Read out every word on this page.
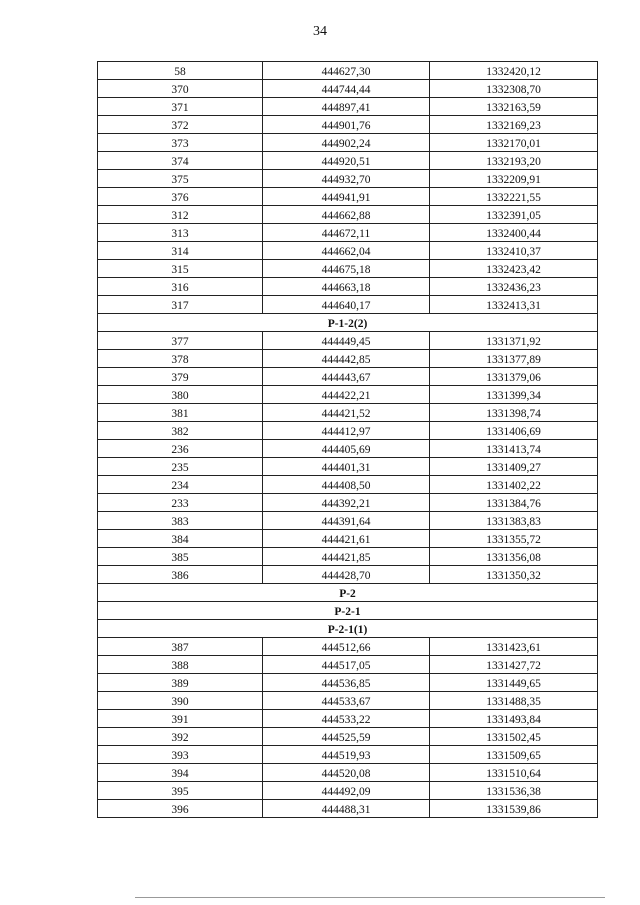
34
58	444627,30	1332420,12
370	444744,44	1332308,70
371	444897,41	1332163,59
372	444901,76	1332169,23
373	444902,24	1332170,01
374	444920,51	1332193,20
375	444932,70	1332209,91
376	444941,91	1332221,55
312	444662,88	1332391,05
313	444672,11	1332400,44
314	444662,04	1332410,37
315	444675,18	1332423,42
316	444663,18	1332436,23
317	444640,17	1332413,31
Р-1-2(2)		
377	444449,45	1331371,92
378	444442,85	1331377,89
379	444443,67	1331379,06
380	444422,21	1331399,34
381	444421,52	1331398,74
382	444412,97	1331406,69
236	444405,69	1331413,74
235	444401,31	1331409,27
234	444408,50	1331402,22
233	444392,21	1331384,76
383	444391,64	1331383,83
384	444421,61	1331355,72
385	444421,85	1331356,08
386	444428,70	1331350,32
Р-2		
Р-2-1		
Р-2-1(1)		
387	444512,66	1331423,61
388	444517,05	1331427,72
389	444536,85	1331449,65
390	444533,67	1331488,35
391	444533,22	1331493,84
392	444525,59	1331502,45
393	444519,93	1331509,65
394	444520,08	1331510,64
395	444492,09	1331536,38
396	444488,31	1331539,86
